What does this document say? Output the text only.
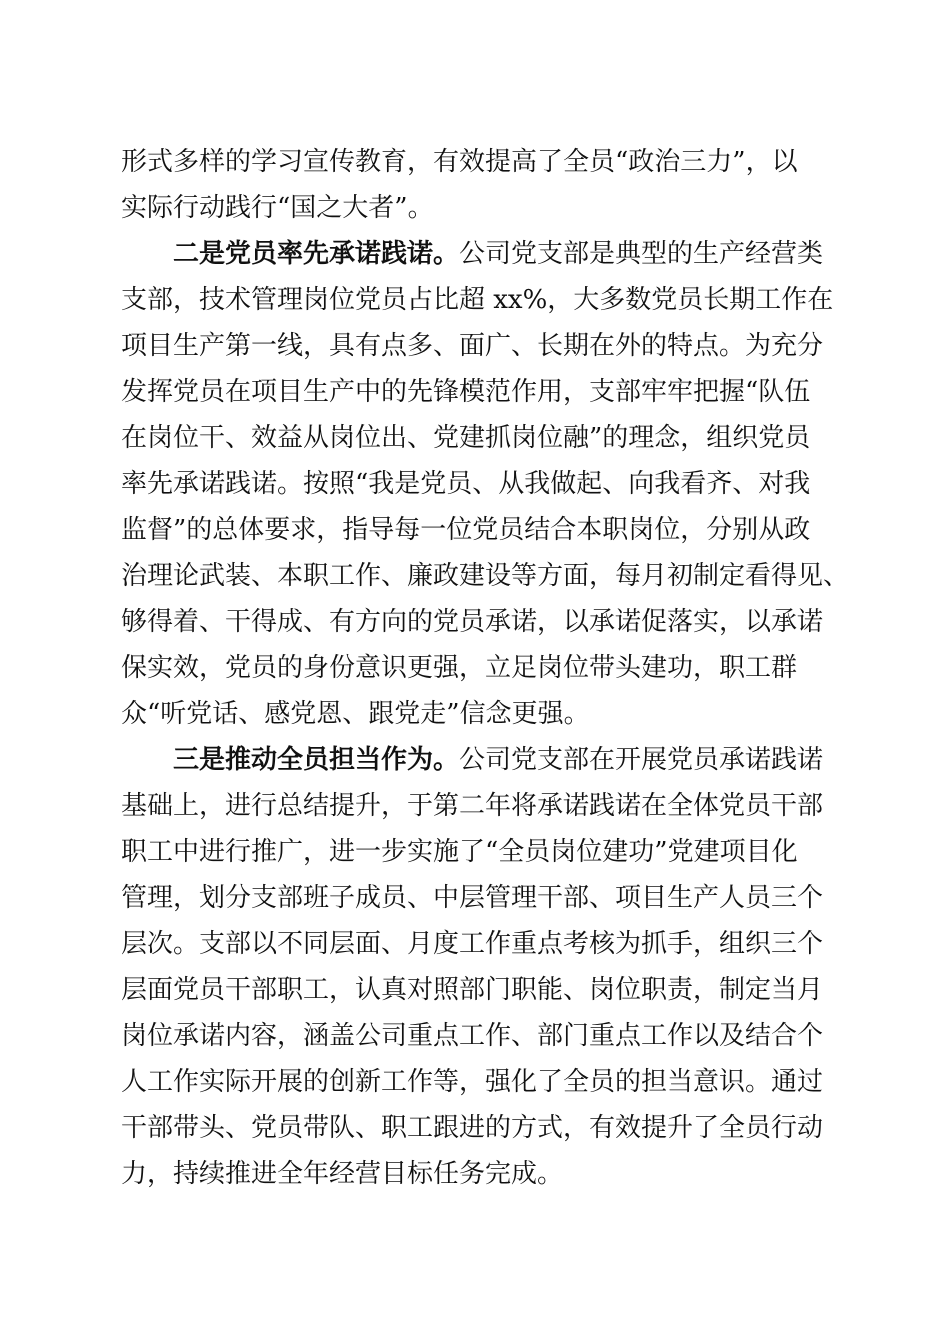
形式多样的学习宣传教育，有效提高了全员“政治三力”，以
实际行动践行“国之大者”。
二是党员率先承诺践诺。公司党支部是典型的生产经营类
支部，技术管理岗位党员占比超 xx%，大多数党员长期工作在
项目生产第一线，具有点多、面广、长期在外的特点。为充分
发挥党员在项目生产中的先锋模范作用，支部牢牢把握“队伍
在岗位干、效益从岗位出、党建抓岗位融”的理念，组织党员
率先承诺践诺。按照“我是党员、从我做起、向我看齐、对我
监督”的总体要求，指导每一位党员结合本职岗位，分别从政
治理论武装、本职工作、廉政建设等方面，每月初制定看得见、
够得着、干得成、有方向的党员承诺，以承诺促落实，以承诺
保实效，党员的身份意识更强，立足岗位带头建功，职工群
众“听党话、感党恩、跟党走”信念更强。
三是推动全员担当作为。公司党支部在开展党员承诺践诺
基础上，进行总结提升，于第二年将承诺践诺在全体党员干部
职工中进行推广，进一步实施了“全员岗位建功”党建项目化
管理，划分支部班子成员、中层管理干部、项目生产人员三个
层次。支部以不同层面、月度工作重点考核为抓手，组织三个
层面党员干部职工，认真对照部门职能、岗位职责，制定当月
岗位承诺内容，涵盖公司重点工作、部门重点工作以及结合个
人工作实际开展的创新工作等，强化了全员的担当意识。通过
干部带头、党员带队、职工跟进的方式，有效提升了全员行动
力，持续推进全年经营目标任务完成。
